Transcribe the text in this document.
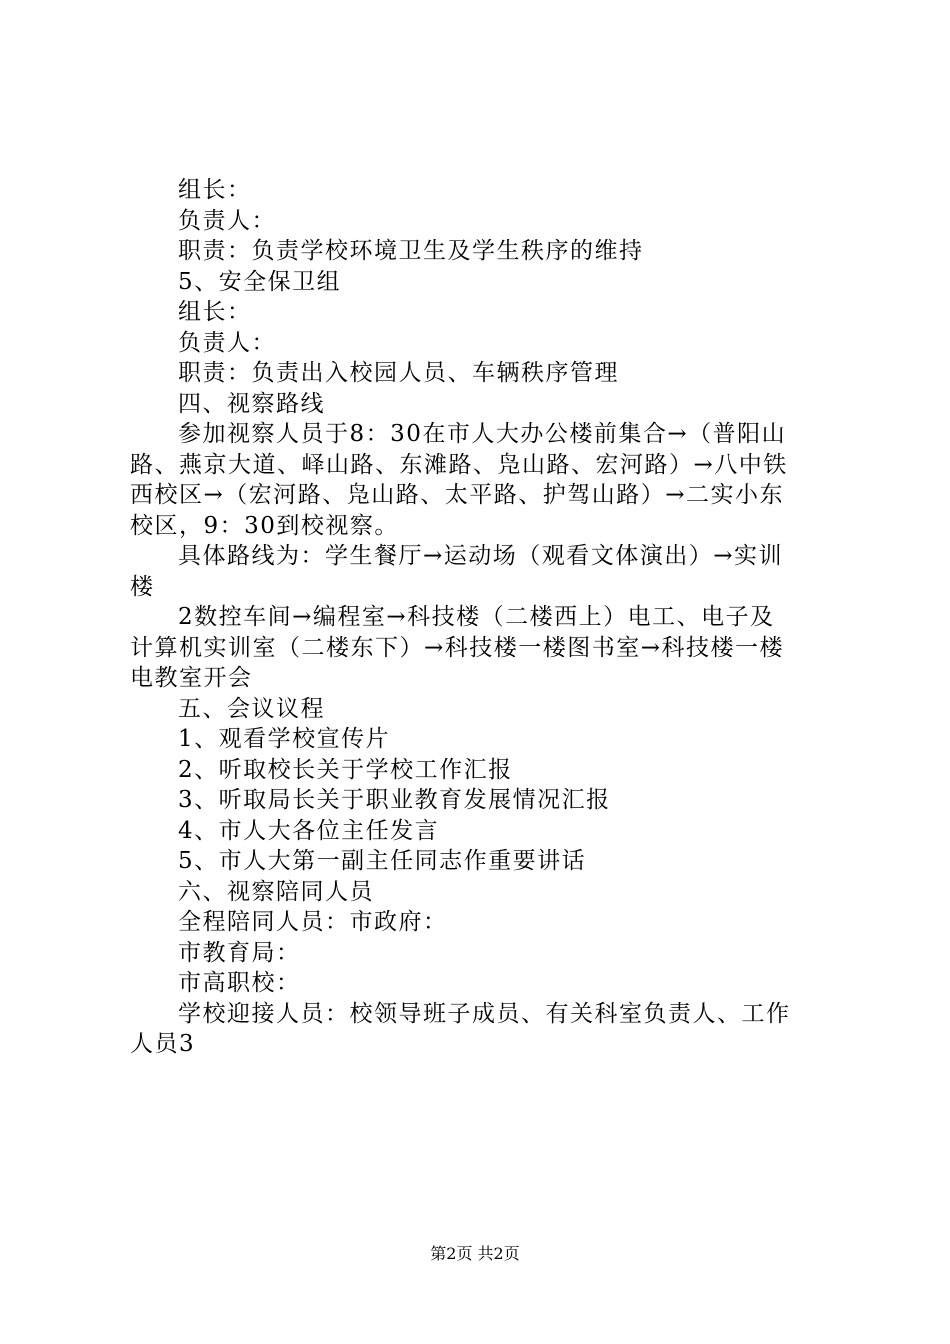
组长：
负责人：
职责：负责学校环境卫生及学生秩序的维持
5、安全保卫组
组长：
负责人：
职责：负责出入校园人员、车辆秩序管理
四、视察路线
参加视察人员于8：30在市人大办公楼前集合→（普阳山
路、燕京大道、峄山路、东滩路、凫山路、宏河路）→八中铁
西校区→（宏河路、凫山路、太平路、护驾山路）→二实小东
校区，9：30到校视察。
具体路线为：学生餐厅→运动场（观看文体演出）→实训
楼
2数控车间→编程室→科技楼（二楼西上）电工、电子及
计算机实训室（二楼东下）→科技楼一楼图书室→科技楼一楼
电教室开会
五、会议议程
1、观看学校宣传片
2、听取校长关于学校工作汇报
3、听取局长关于职业教育发展情况汇报
4、市人大各位主任发言
5、市人大第一副主任同志作重要讲话
六、视察陪同人员
全程陪同人员：市政府：
市教育局：
市高职校：
学校迎接人员：校领导班子成员、有关科室负责人、工作
人员3
第2页 共2页
